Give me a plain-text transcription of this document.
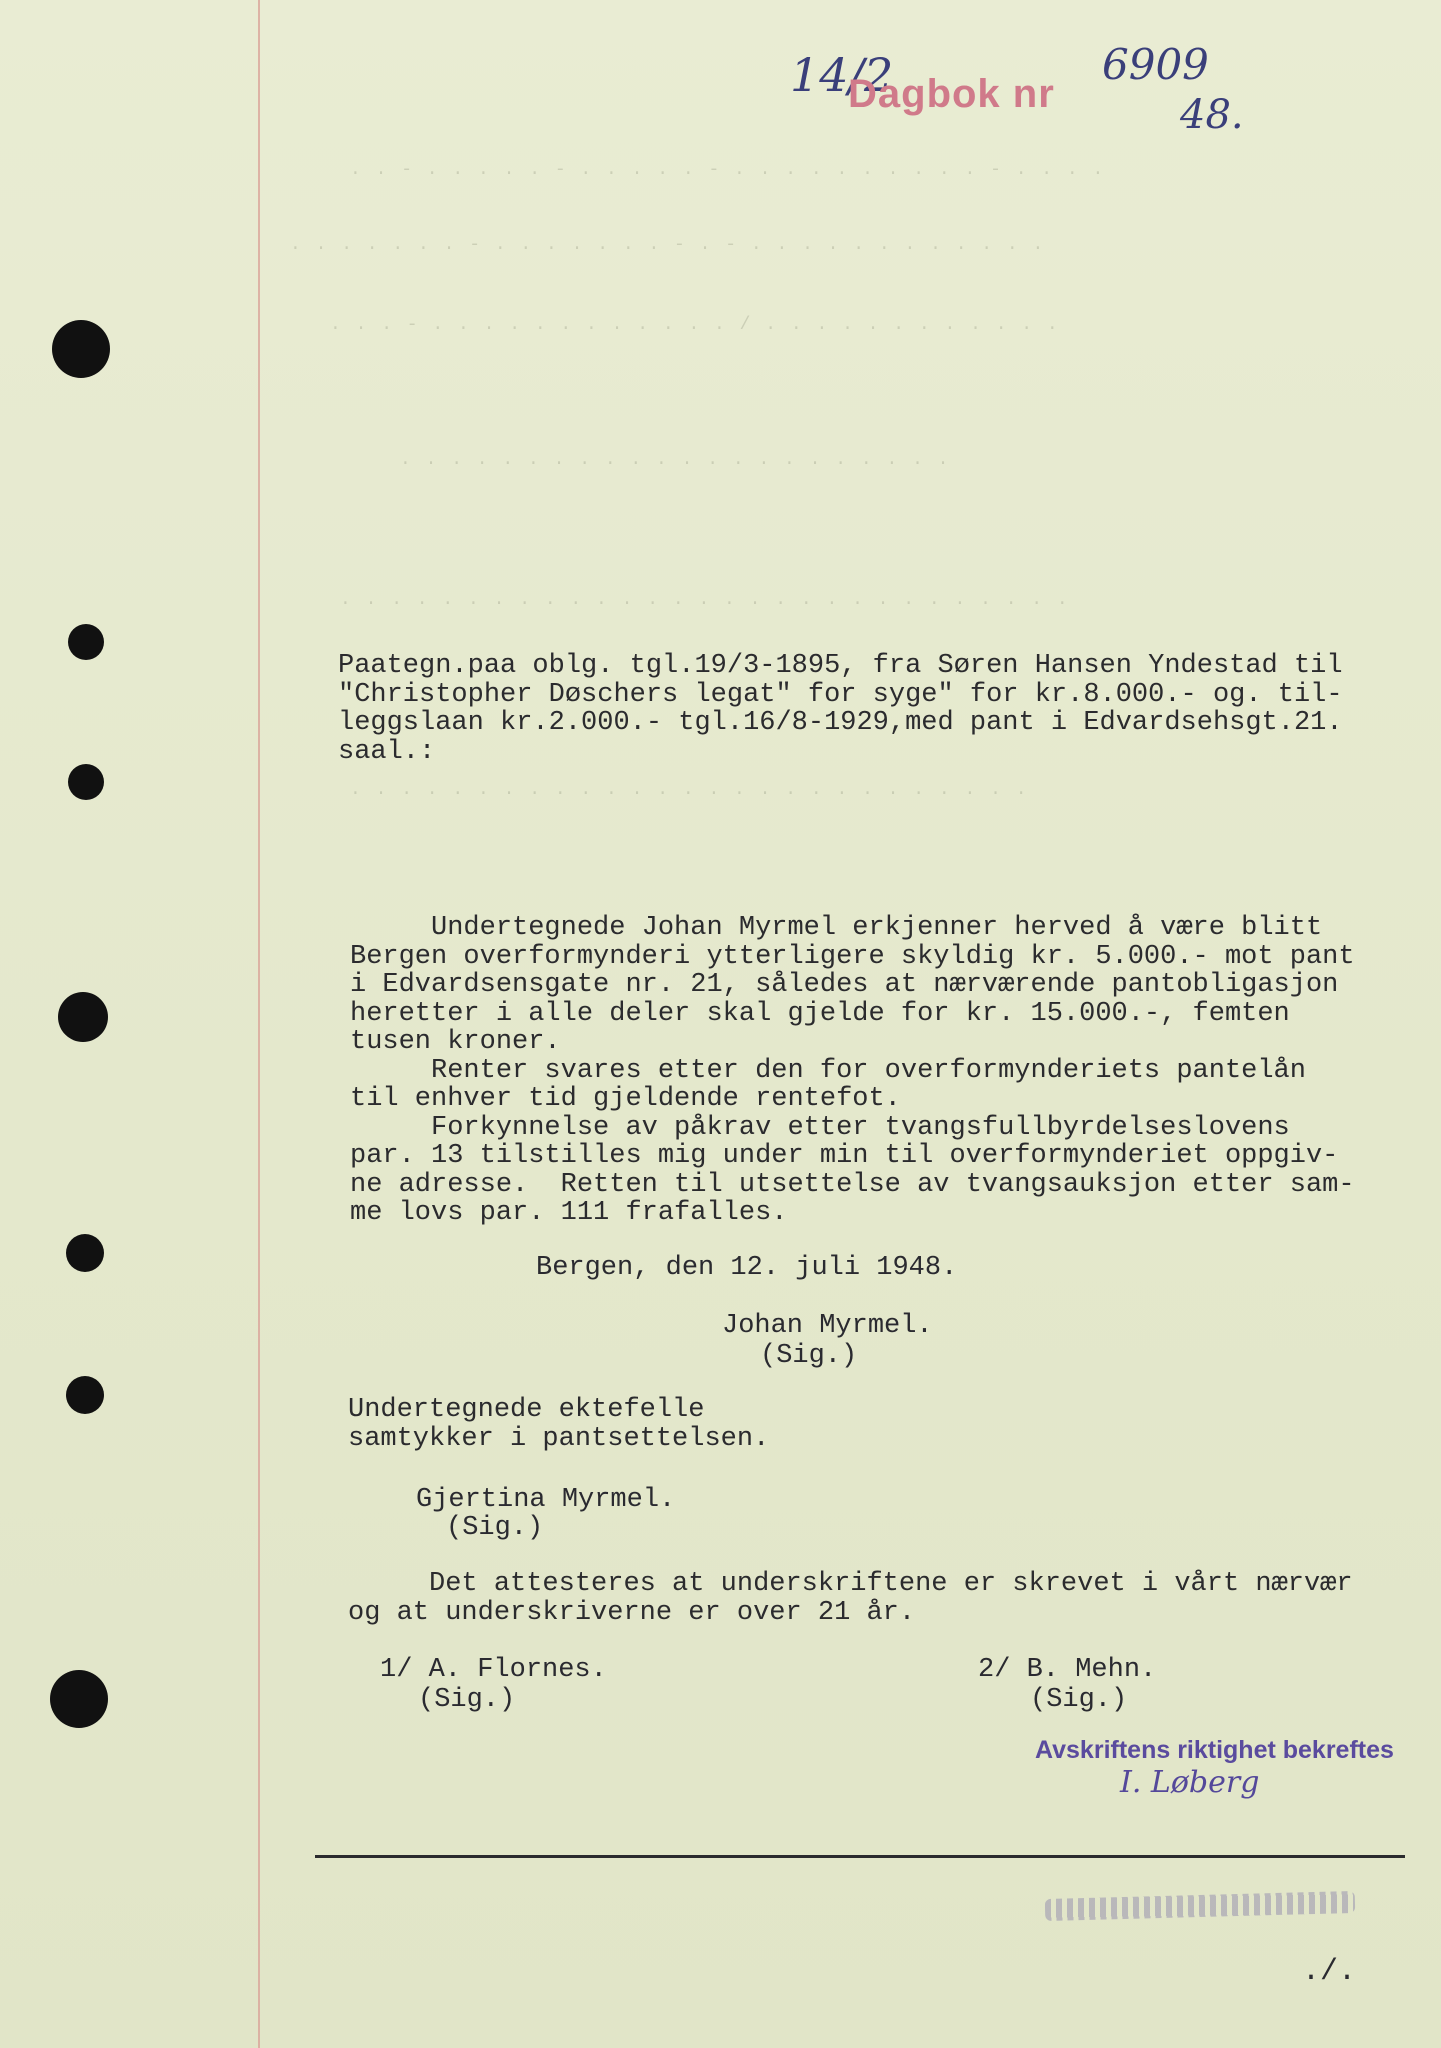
. . - . . . . . - . . . . . - . . . . . . . . . . - . . . .
. . . . . . . - . . . . . . . - . - . . . . . . . . . . . .
. . . - . . . . . . . . . . . . / . . . . . . . . . . . .
. . . . . . . . . . . . . . . . . . . . . .
. . . . . . . . . . . . . . . . . . . . . . . . . . . . .
. . . . . . . . . . . . . . . . . . . . . . . . . . .
14/2
Dagbok nr
6909
48.
Paategn.paa oblg. tgl.19/3-1895, fra Søren Hansen Yndestad til
"Christopher Døschers legat" for syge" for kr.8.000.- og. til-
leggslaan kr.2.000.- tgl.16/8-1929,med pant i Edvardsehsgt.21.
saal.:
Undertegnede Johan Myrmel erkjenner herved å være blitt
Bergen overformynderi ytterligere skyldig kr. 5.000.- mot pant
i Edvardsensgate nr. 21, således at nærværende pantobligasjon
heretter i alle deler skal gjelde for kr. 15.000.-, femten
tusen kroner.
Renter svares etter den for overformynderiets pantelån
til enhver tid gjeldende rentefot.
Forkynnelse av påkrav etter tvangsfullbyrdelseslovens
par. 13 tilstilles mig under min til overformynderiet oppgiv-
ne adresse.  Retten til utsettelse av tvangsauksjon etter sam-
me lovs par. 111 frafalles.
Bergen, den 12. juli 1948.
Johan Myrmel.
(Sig.)
Undertegnede ektefelle
samtykker i pantsettelsen.
Gjertina Myrmel.
(Sig.)
Det attesteres at underskriftene er skrevet i vårt nærvær
og at underskriverne er over 21 år.
1/ A. Flornes.
(Sig.)
2/ B. Mehn.
(Sig.)
Avskriftens riktighet bekreftes
I. Løberg
./.
